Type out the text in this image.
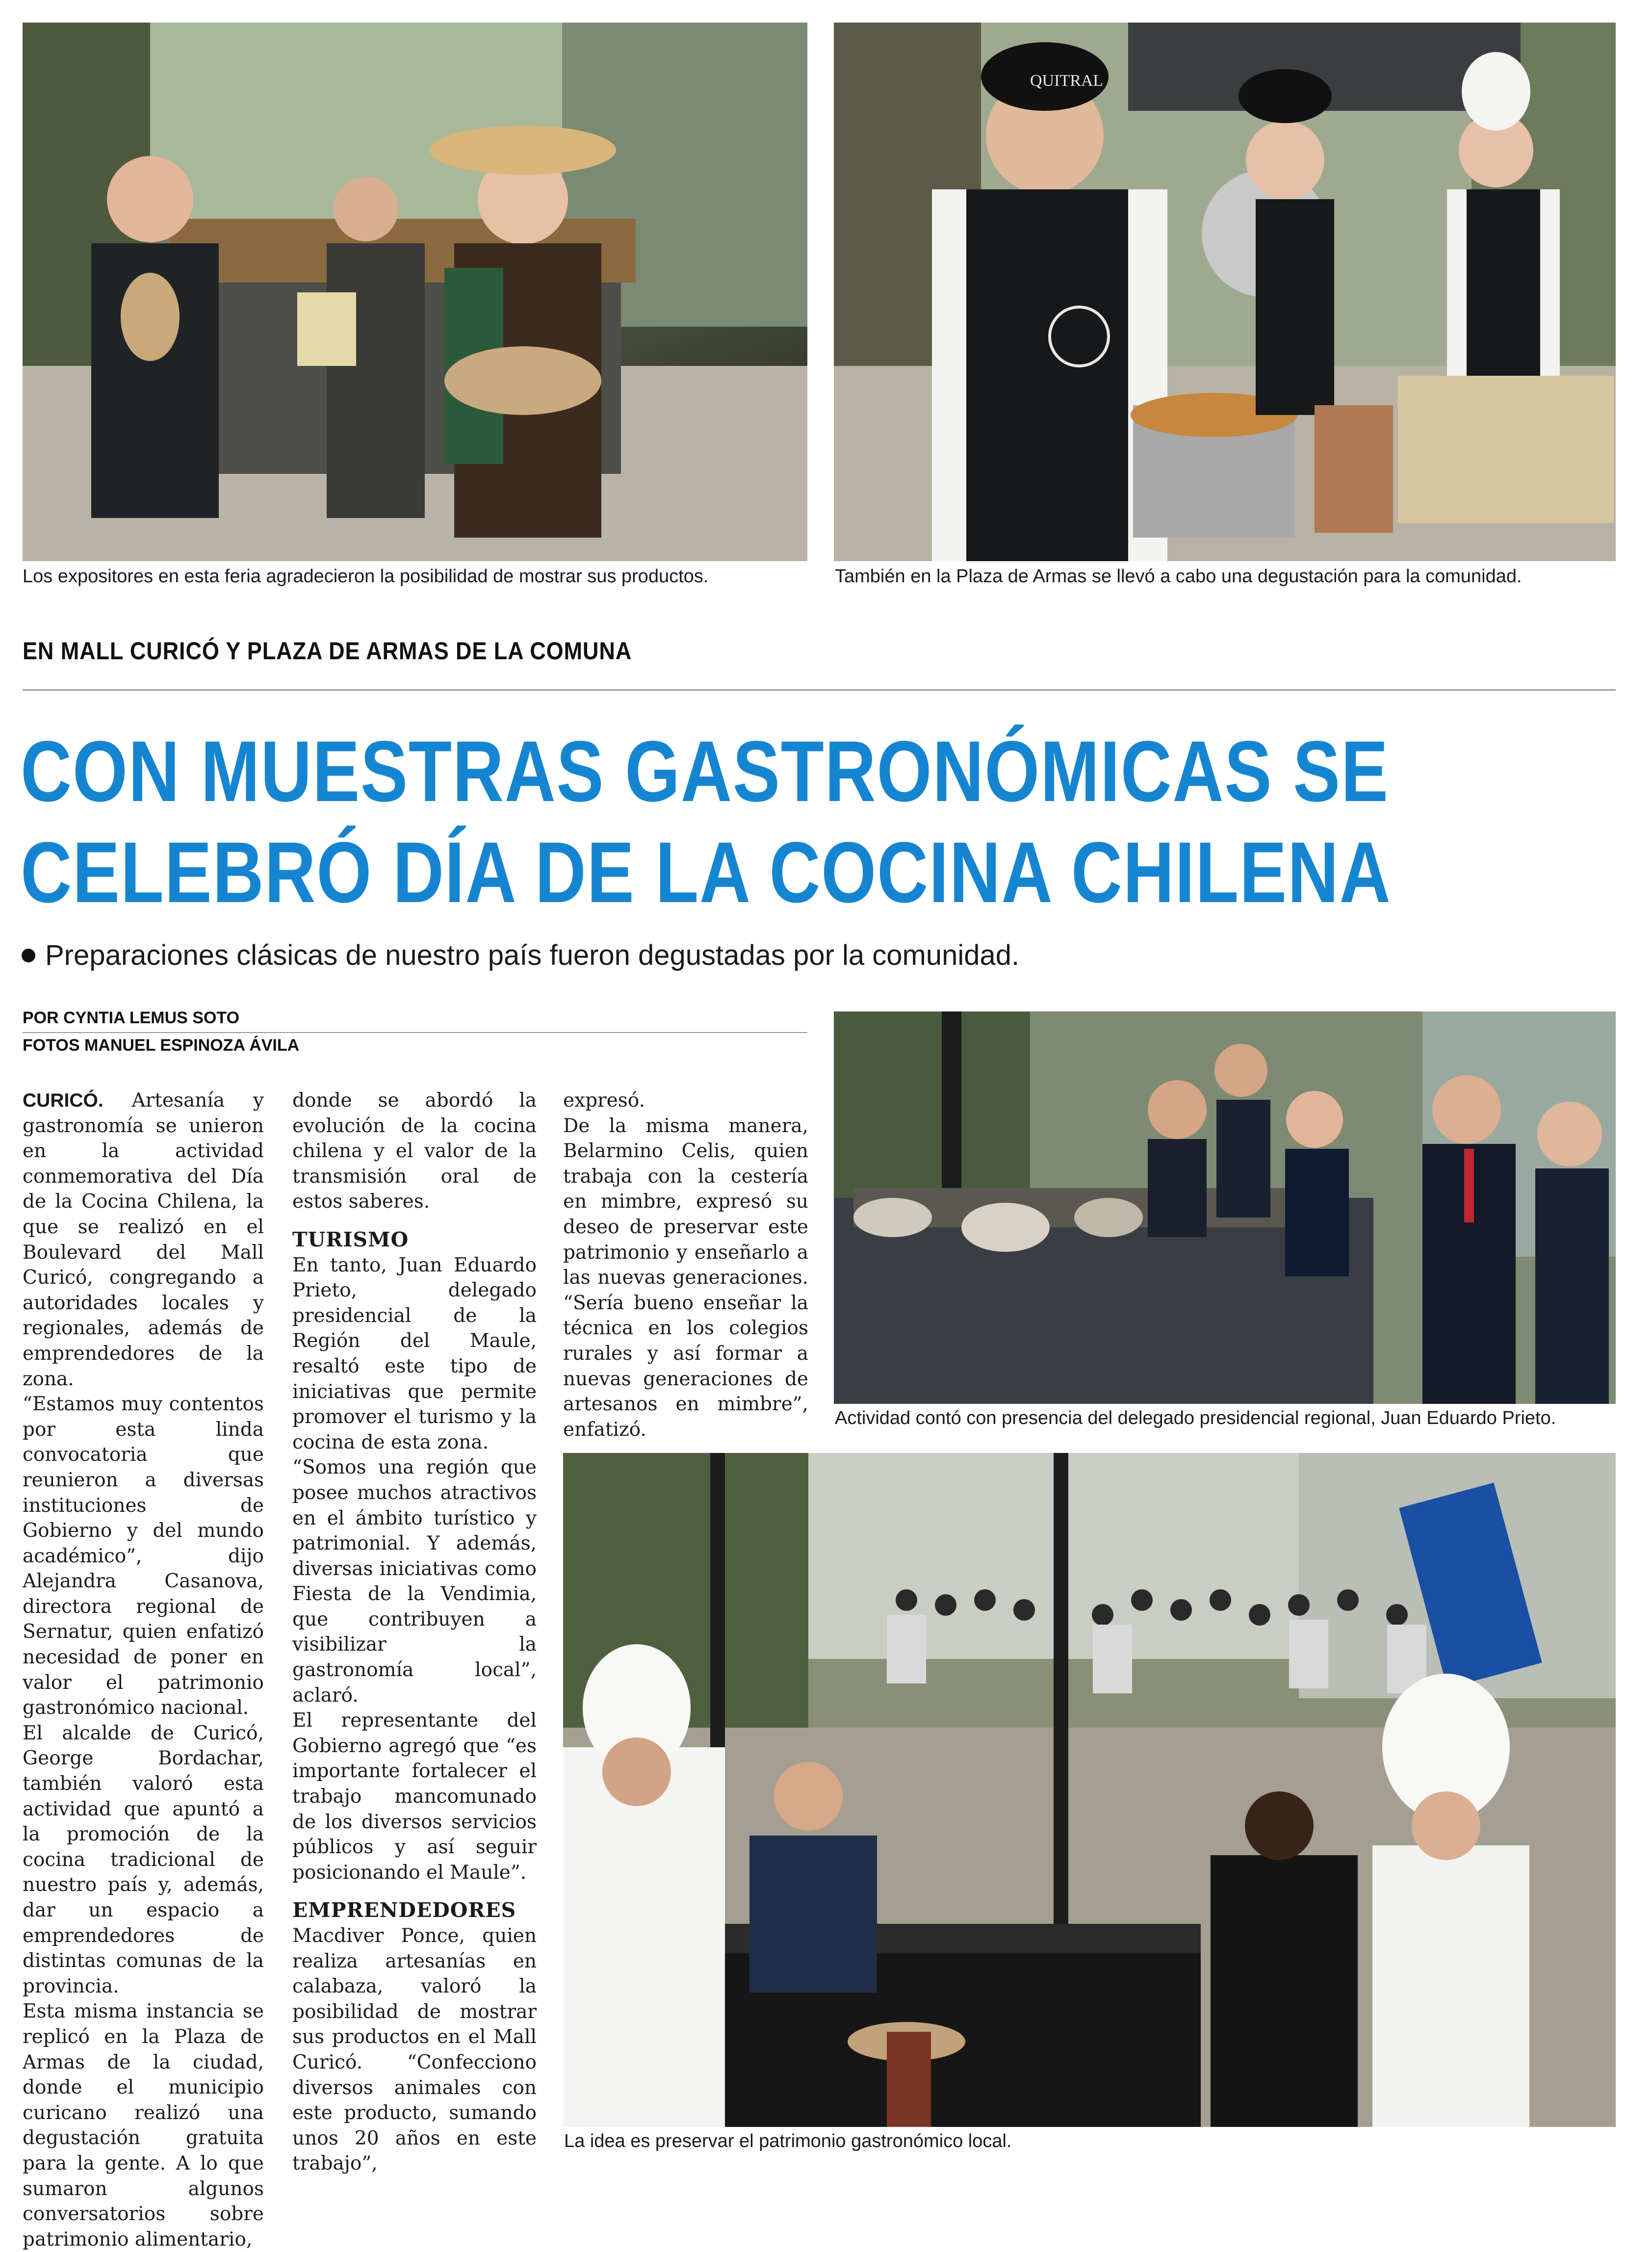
Los expositores en esta feria agradecieron la posibilidad de mostrar sus productos.
QUITRAL
También en la Plaza de Armas se llevó a cabo una degustación para la comunidad.
EN MALL CURICÓ Y PLAZA DE ARMAS DE LA COMUNA
CON MUESTRAS GASTRONÓMICAS SE
CELEBRÓ DÍA DE LA COCINA CHILENA
Preparaciones clásicas de nuestro país fueron degustadas por la comunidad.
POR CYNTIA LEMUS SOTO
FOTOS MANUEL ESPINOZA ÁVILA
Actividad contó con presencia del delegado presidencial regional, Juan Eduardo Prieto.
La idea es preservar el patrimonio gastronómico local.

CURICÓ. Artesanía y gastronomía se unieron en la actividad conmemorativa del Día de la Cocina Chilena, la que se realizó en el Boulevard del Mall Curicó, congregando a autoridades locales y regionales, además de emprendedores de la zona.

“Estamos muy contentos por esta linda convocatoria que reunieron a diversas instituciones de Gobierno y del mundo académico”, dijo Alejandra Casanova, directora regional de Sernatur, quien enfatizó necesidad de poner en valor el patrimonio gastronómico nacional.

El alcalde de Curicó, George Bordachar, también valoró esta actividad que apuntó a la promoción de la cocina tradicional de nuestro país y, además, dar un espacio a emprendedores de distintas comunas de la provincia.

Esta misma instancia se replicó en la Plaza de Armas de la ciudad, donde el municipio curicano realizó una degustación gratuita para la gente. A lo que sumaron algunos conversatorios sobre patrimonio alimentario,

donde se abordó la evolución de la cocina chilena y el valor de la transmisión oral de estos saberes.

TURISMO

En tanto, Juan Eduardo Prieto, delegado presidencial de la Región del Maule, resaltó este tipo de iniciativas que permite promover el turismo y la cocina de esta zona.

“Somos una región que posee muchos atractivos en el ámbito turístico y patrimonial. Y además, diversas iniciativas como Fiesta de la Vendimia, que contribuyen a visibilizar la gastronomía local”, aclaró.

El representante del Gobierno agregó que “es importante fortalecer el trabajo mancomunado de los diversos servicios públicos y así seguir posicionando el Maule”.

EMPRENDEDORES

Macdiver Ponce, quien realiza artesanías en calabaza, valoró la posibilidad de mostrar sus productos en el Mall Curicó. “Confecciono diversos animales con este producto, sumando unos 20 años en este trabajo”,

expresó.

De la misma manera, Belarmino Celis, quien trabaja con la cestería en mimbre, expresó su deseo de preservar este patrimonio y enseñarlo a las nuevas generaciones. “Sería bueno enseñar la técnica en los colegios rurales y así formar a nuevas generaciones de artesanos en mimbre”, enfatizó.
